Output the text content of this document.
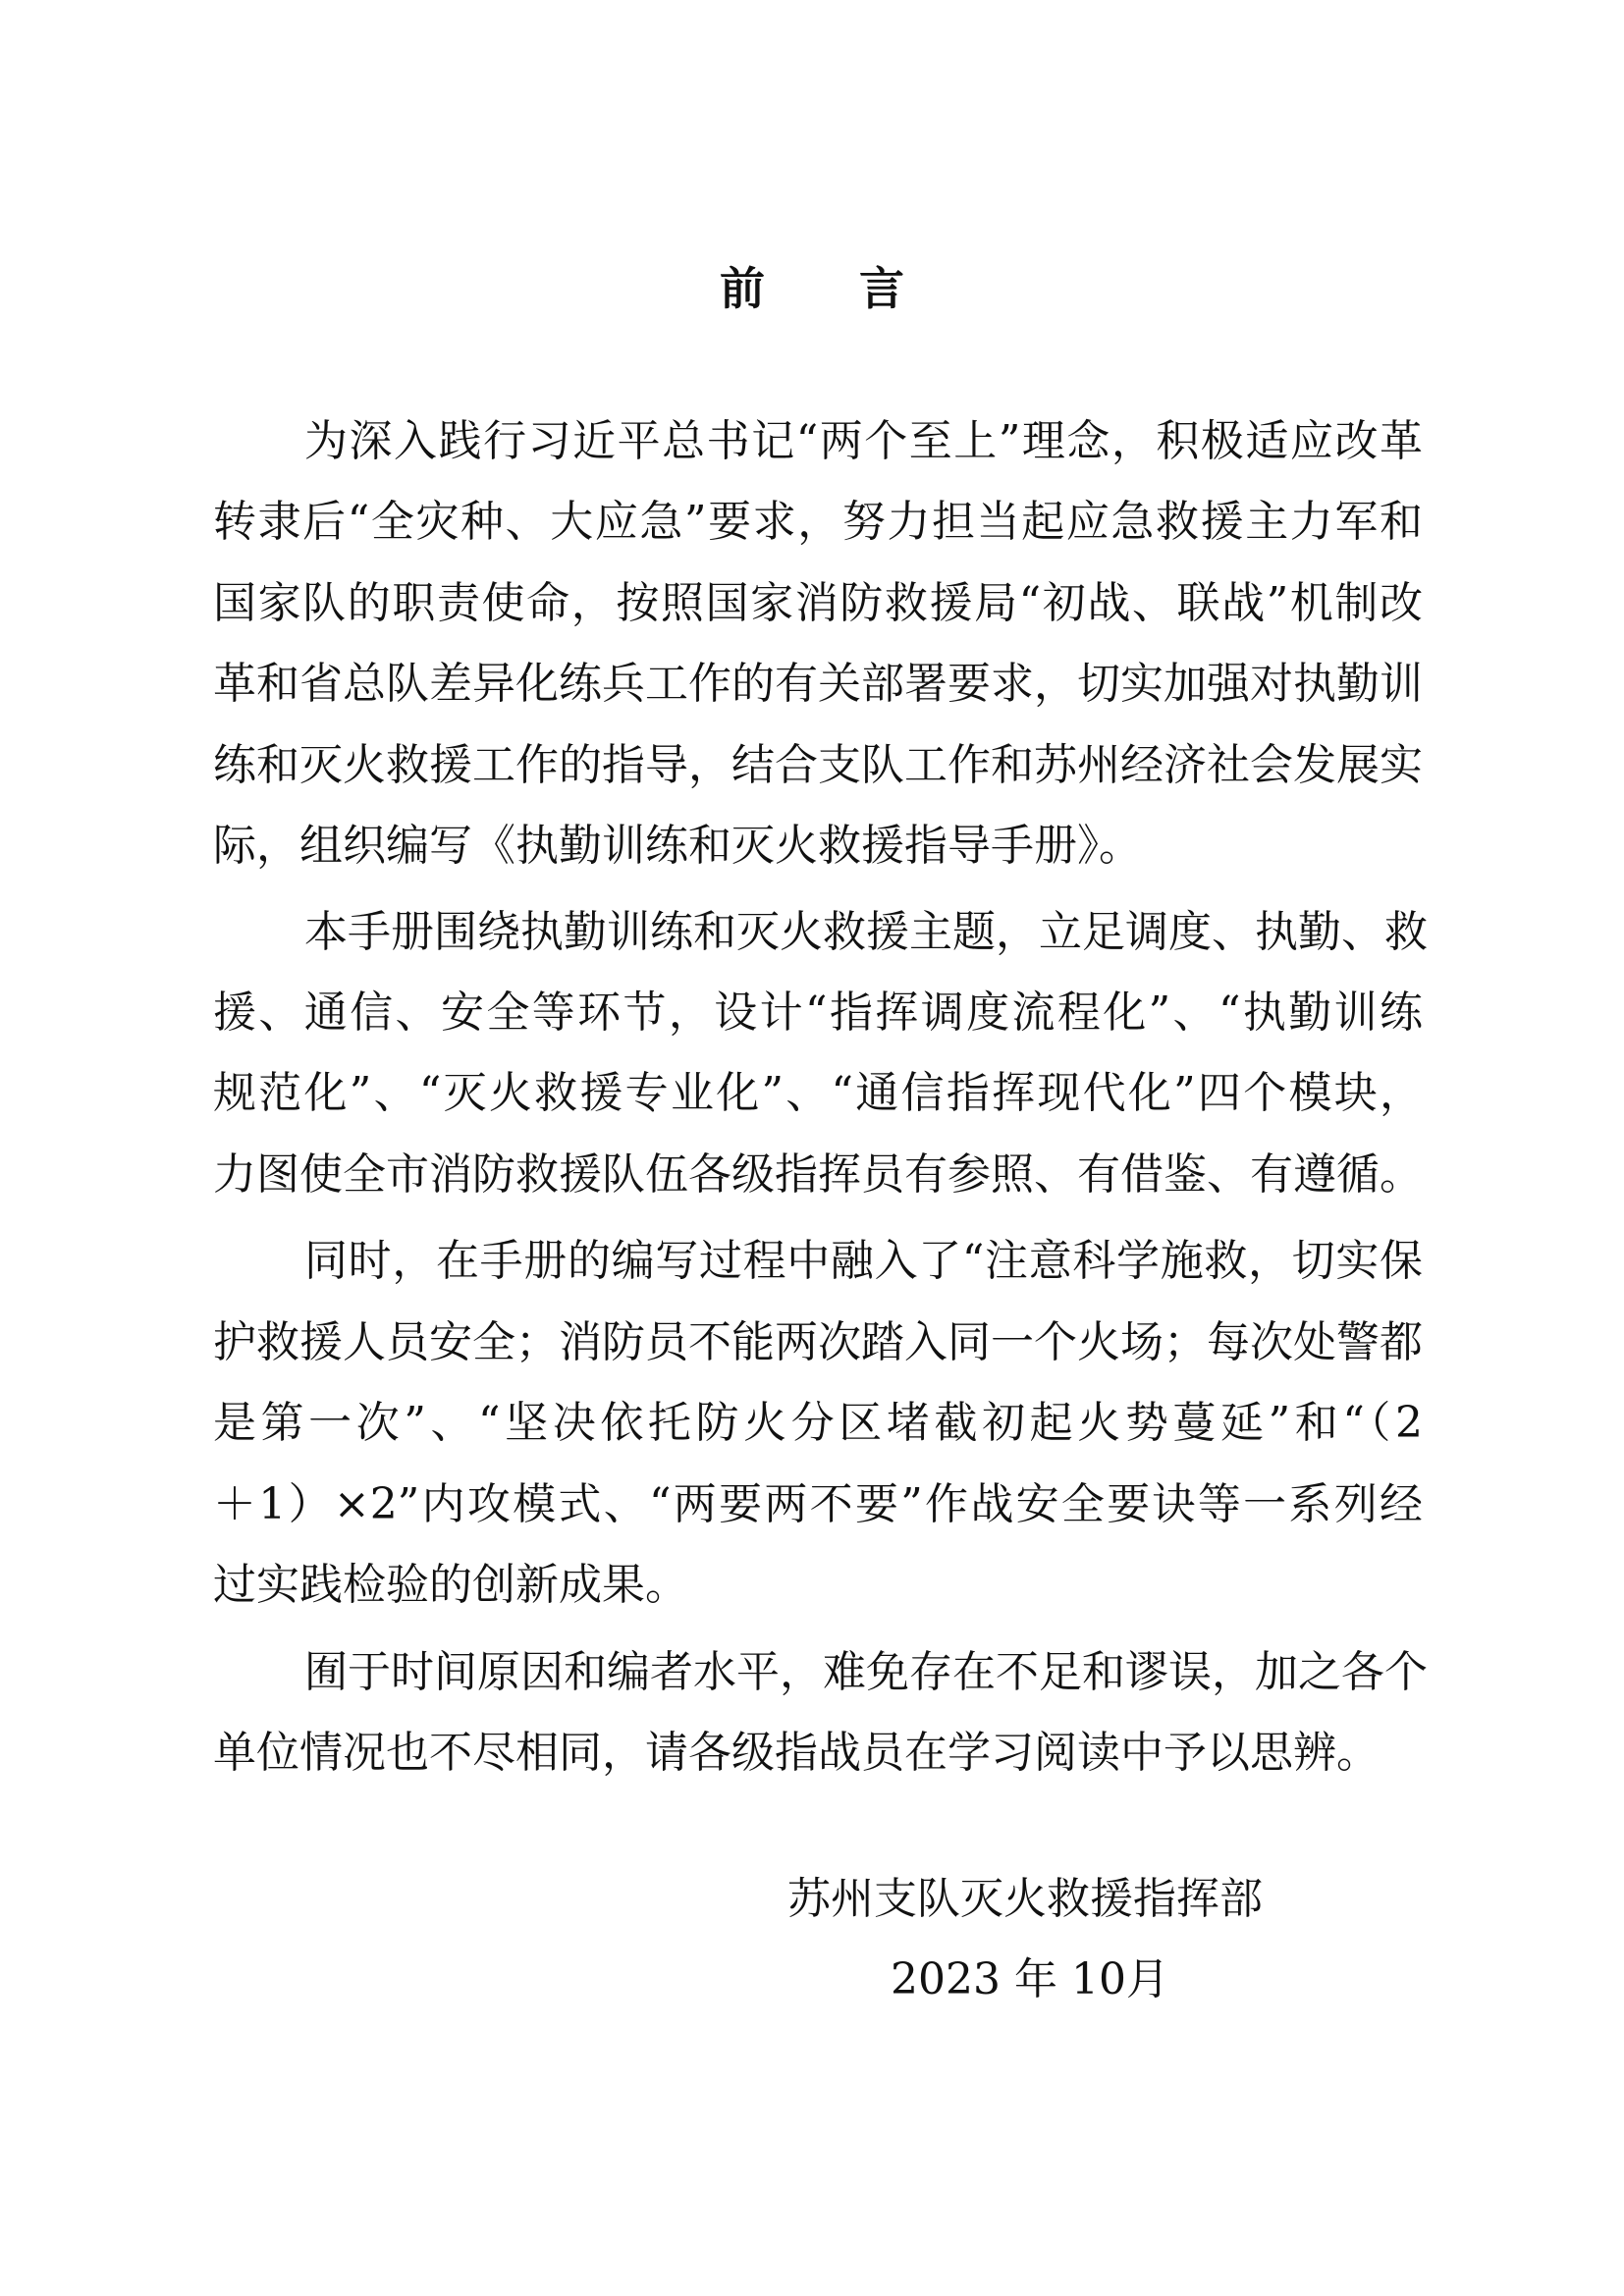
前 言
为深入践行习近平总书记“两个至上”理念，积极适应改革
转隶后“全灾种、大应急”要求，努力担当起应急救援主力军和
国家队的职责使命，按照国家消防救援局“初战、联战”机制改
革和省总队差异化练兵工作的有关部署要求，切实加强对执勤训
练和灭火救援工作的指导，结合支队工作和苏州经济社会发展实
际，组织编写《执勤训练和灭火救援指导手册》。
本手册围绕执勤训练和灭火救援主题，立足调度、执勤、救
援、通信、安全等环节，设计“指挥调度流程化”、“执勤训练
规范化”、“灭火救援专业化”、“通信指挥现代化”四个模块，
力图使全市消防救援队伍各级指挥员有参照、有借鉴、有遵循。
同时，在手册的编写过程中融入了“注意科学施救，切实保
护救援人员安全；消防员不能两次踏入同一个火场；每次处警都
是第一次”、“坚决依托防火分区堵截初起火势蔓延”和“（2
＋1）×2”内攻模式、“两要两不要”作战安全要诀等一系列经
过实践检验的创新成果。
囿于时间原因和编者水平，难免存在不足和谬误，加之各个
单位情况也不尽相同，请各级指战员在学习阅读中予以思辨。
苏州支队灭火救援指挥部
2023 年 10月
